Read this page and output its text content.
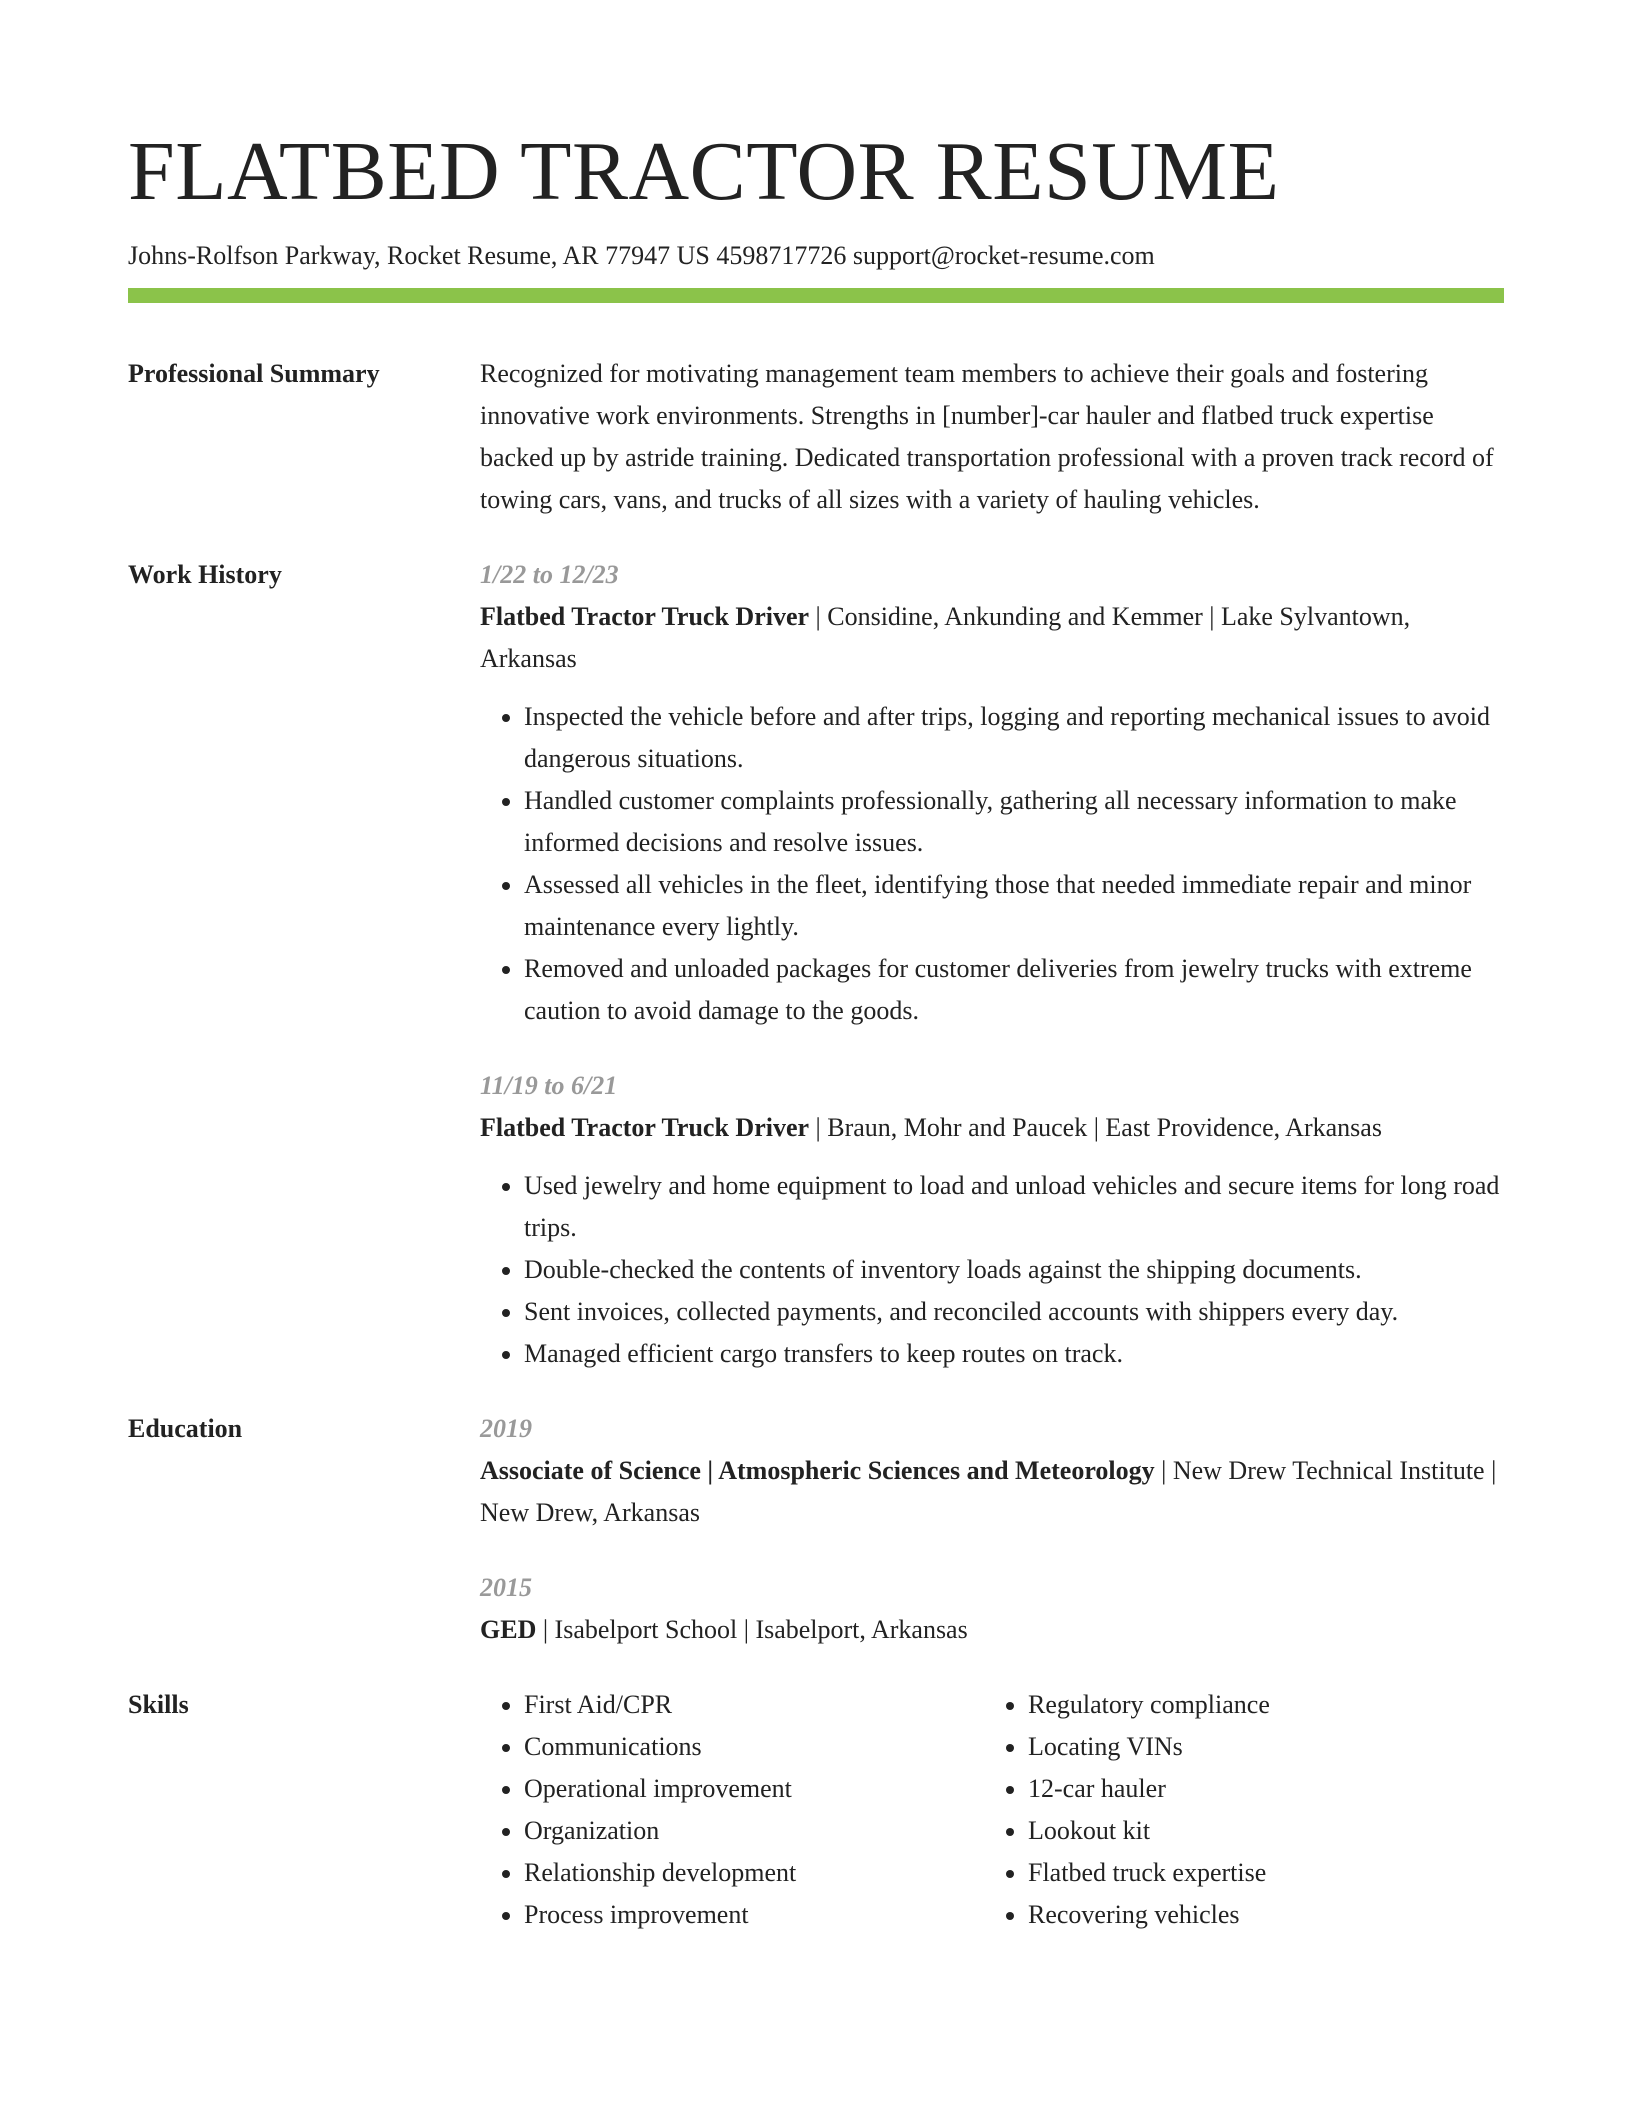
FLATBED TRACTOR RESUME
Johns-Rolfson Parkway, Rocket Resume, AR 77947 US 4598717726 support@rocket-resume.com
Professional Summary	Recognized for motivating management team members to achieve their goals and fostering innovative work environments. Strengths in [number]-car hauler and flatbed truck expertise backed up by astride training. Dedicated transportation professional with a proven track record of towing cars, vans, and trucks of all sizes with a variety of hauling vehicles.
Work History	1/22 to 12/23
Flatbed Tractor Truck Driver | Considine, Ankunding and Kemmer | Lake Sylvantown, Arkansas
• Inspected the vehicle before and after trips, logging and reporting mechanical issues to avoid dangerous situations.
• Handled customer complaints professionally, gathering all necessary information to make informed decisions and resolve issues.
• Assessed all vehicles in the fleet, identifying those that needed immediate repair and minor maintenance every lightly.
• Removed and unloaded packages for customer deliveries from jewelry trucks with extreme caution to avoid damage to the goods.
11/19 to 6/21
Flatbed Tractor Truck Driver | Braun, Mohr and Paucek | East Providence, Arkansas
• Used jewelry and home equipment to load and unload vehicles and secure items for long road trips.
• Double-checked the contents of inventory loads against the shipping documents.
• Sent invoices, collected payments, and reconciled accounts with shippers every day.
• Managed efficient cargo transfers to keep routes on track.
Education	2019
Associate of Science | Atmospheric Sciences and Meteorology | New Drew Technical Institute | New Drew, Arkansas
2015
GED | Isabelport School | Isabelport, Arkansas
Skills
•	First Aid/CPR
• Communications
• Operational improvement
• Organization
• Relationship development
• Process improvement
• Regulatory compliance
• Locating VINs
• 12-car hauler
• Lookout kit
• Flatbed truck expertise
• Recovering vehicles
